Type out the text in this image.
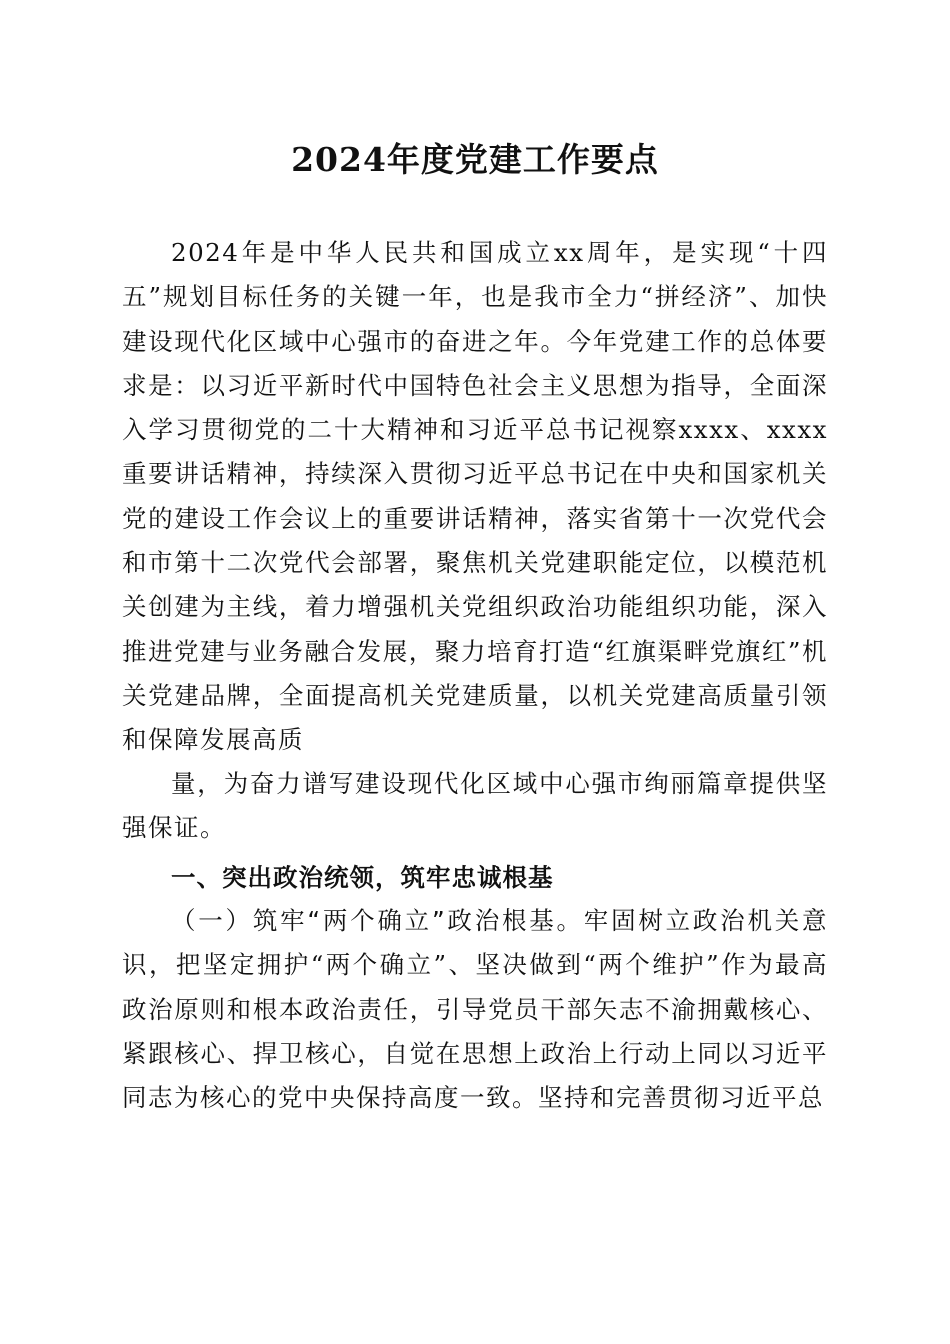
2024年度党建工作要点

2024年是中华人民共和国成立xx周年，是实现“十四五”规划目标任务的关键一年，也是我市全力“拼经济”、加快建设现代化区域中心强市的奋进之年。今年党建工作的总体要求是：以习近平新时代中国特色社会主义思想为指导，全面深入学习贯彻党的二十大精神和习近平总书记视察xxxx、xxxx重要讲话精神，持续深入贯彻习近平总书记在中央和国家机关党的建设工作会议上的重要讲话精神，落实省第十一次党代会和市第十二次党代会部署，聚焦机关党建职能定位，以模范机关创建为主线，着力增强机关党组织政治功能组织功能，深入推进党建与业务融合发展，聚力培育打造“红旗渠畔党旗红”机关党建品牌，全面提高机关党建质量，以机关党建高质量引领和保障发展高质

量，为奋力谱写建设现代化区域中心强市绚丽篇章提供坚强保证。

一、突出政治统领，筑牢忠诚根基

（一）筑牢“两个确立”政治根基。牢固树立政治机关意识，把坚定拥护“两个确立”、坚决做到“两个维护”作为最高政治原则和根本政治责任，引导党员干部矢志不渝拥戴核心、紧跟核心、捍卫核心，自觉在思想上政治上行动上同以习近平同志为核心的党中央保持高度一致。坚持和完善贯彻习近平总
